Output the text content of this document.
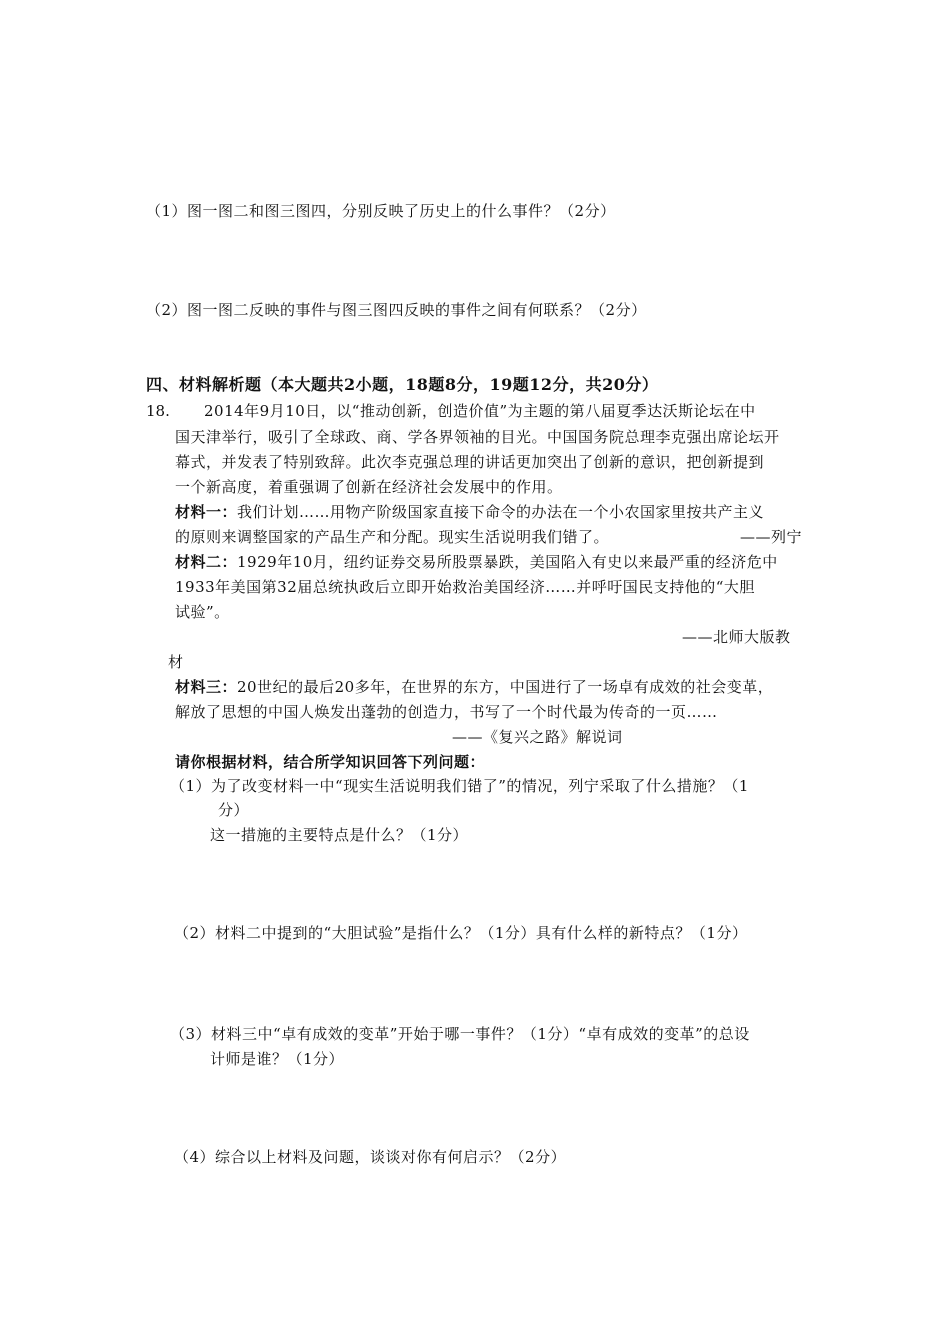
（1）图一图二和图三图四，分别反映了历史上的什么事件？（2分）
（2）图一图二反映的事件与图三图四反映的事件之间有何联系？（2分）
四、材料解析题（本大题共2小题，18题8分，19题12分，共20分）
18. 2014年9月10日，以“推动创新，创造价值”为主题的第八届夏季达沃斯论坛在中
国天津举行，吸引了全球政、商、学各界领袖的目光。中国国务院总理李克强出席论坛开
幕式，并发表了特别致辞。此次李克强总理的讲话更加突出了创新的意识，把创新提到
一个新高度，着重强调了创新在经济社会发展中的作用。
材料一：我们计划……用物产阶级国家直接下命令的办法在一个小农国家里按共产主义
的原则来调整国家的产品生产和分配。现实生活说明我们错了。	——列宁
材料二：1929年10月，纽约证券交易所股票暴跌，美国陷入有史以来最严重的经济危中
1933年美国第32届总统执政后立即开始救治美国经济……并呼吁国民支持他的“大胆
试验”。
——北师大版教
材
材料三：20世纪的最后20多年，在世界的东方，中国进行了一场卓有成效的社会变革，
解放了思想的中国人焕发出蓬勃的创造力，书写了一个时代最为传奇的一页……
——《复兴之路》解说词
请你根据材料，结合所学知识回答下列问题：
（1）为了改变材料一中“现实生活说明我们错了”的情况，列宁采取了什么措施？（1
分）
这一措施的主要特点是什么？（1分）
（2）材料二中提到的“大胆试验”是指什么？（1分）具有什么样的新特点？（1分）
（3）材料三中“卓有成效的变革”开始于哪一事件？（1分）“卓有成效的变革”的总设
计师是谁？（1分）
（4）综合以上材料及问题，谈谈对你有何启示？（2分）
